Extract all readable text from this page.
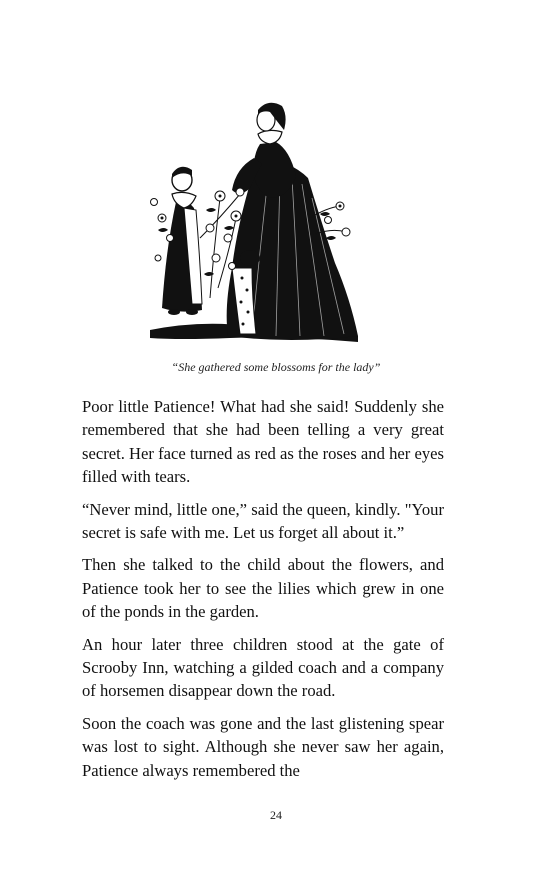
“She gathered some blossoms for the lady”

Poor little Patience! What had she said! Suddenly she remembered that she had been telling a very great secret. Her face turned as red as the roses and her eyes filled with tears.

“Never mind, little one,” said the queen, kindly. "Your secret is safe with me. Let us forget all about it.”

Then she talked to the child about the flowers, and Patience took her to see the lilies which grew in one of the ponds in the garden.

An hour later three children stood at the gate of Scrooby Inn, watching a gilded coach and a company of horsemen disappear down the road.

Soon the coach was gone and the last glistening spear was lost to sight. Although she never saw her again, Patience always remembered the

24
